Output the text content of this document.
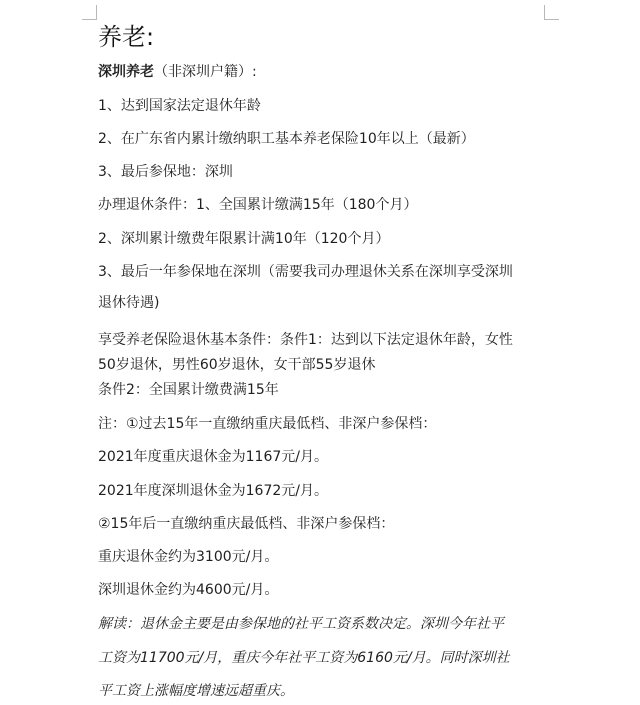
养老:
深圳养老（非深圳户籍）:
1、达到国家法定退休年龄
2、在广东省内累计缴纳职工基本养老保险10年以上（最新）
3、最后参保地：深圳
办理退休条件：1、全国累计缴满15年（180个月）
2、深圳累计缴费年限累计满10年（120个月）
3、最后一年参保地在深圳（需要我司办理退休关系在深圳享受深圳
退休待遇)
享受养老保险退休基本条件：条件1：达到以下法定退休年龄，女性
50岁退休，男性60岁退休，女干部55岁退休
条件2：全国累计缴费满15年
注：①过去15年一直缴纳重庆最低档、非深户参保档：
2021年度重庆退休金为1167元/月。
2021年度深圳退休金为1672元/月。
②15年后一直缴纳重庆最低档、非深户参保档：
重庆退休金约为3100元/月。
深圳退休金约为4600元/月。
解读：退休金主要是由参保地的社平工资系数决定。深圳今年社平
工资为11700元/月，重庆今年社平工资为6160元/月。同时深圳社
平工资上涨幅度增速远超重庆。
